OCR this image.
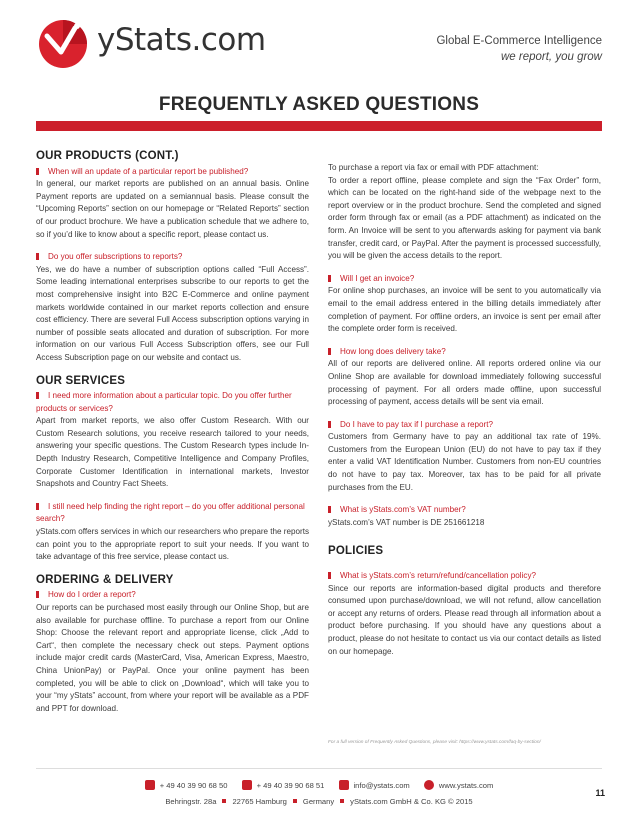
yStats.com	Global E-Commerce Intelligence
we report, you grow
FREQUENTLY ASKED QUESTIONS
OUR PRODUCTS (CONT.)

When will an update of a particular report be published?

In general, our market reports are published on an annual basis. Online Payment reports are updated on a semiannual basis. Please consult the “Upcoming Reports” section on our homepage or “Related Reports” section of our product brochure. We have a publication schedule that we adhere to, so if you’d like to know about a specific report, please contact us.

Do you offer subscriptions to reports?

Yes, we do have a number of subscription options called “Full Access”. Some leading international enterprises subscribe to our reports to get the most comprehensive insight into B2C E-Commerce and online payment markets worldwide contained in our market reports collection and ensure cost efficiency. There are several Full Access subscription options varying in number of possible seats allocated and duration of subscription. For more information on our various Full Access Subscription offers, see our Full Access Subscription page on our website and contact us.

OUR SERVICES

I need more information about a particular topic. Do you offer further products or services?

Apart from market reports, we also offer Custom Research. With our Custom Research solutions, you receive research tailored to your needs, answering your specific questions. The Custom Research types include In-Depth Industry Research, Competitive Intelligence and Company Profiles, Corporate Customer Identification in international markets, Investor Snapshots and Country Fact Sheets.

I still need help finding the right report – do you offer additional personal search?

yStats.com offers services in which our researchers who prepare the reports can point you to the appropriate report to suit your needs. If you want to take advantage of this free service, please contact us.

ORDERING & DELIVERY

How do I order a report?

Our reports can be purchased most easily through our Online Shop, but are also available for purchase offline. To purchase a report from our Online Shop: Choose the relevant report and appropriate license, click „Add to Cart“, then complete the necessary check out steps. Payment options include major credit cards (MasterCard, Visa, American Express, Maestro, China UnionPay) or PayPal. Once your online payment has been completed, you will be able to click on „Download“, which will take you to your “my yStats” account, from where your report will be available as a PDF and PPT for download.

To purchase a report via fax or email with PDF attachment:

To order a report offline, please complete and sign the “Fax Order” form, which can be located on the right-hand side of the webpage next to the report overview or in the product brochure. Send the completed and signed order form through fax or email (as a PDF attachment) as indicated on the form. An Invoice will be sent to you afterwards asking for payment via bank transfer, credit card, or PayPal. After the payment is processed successfully, you will be given the access details to the report.

Will I get an invoice?

For online shop purchases, an invoice will be sent to you automatically via email to the email address entered in the billing details immediately after completion of payment. For offline orders, an invoice is sent per email after the complete order form is received.

How long does delivery take?

All of our reports are delivered online. All reports ordered online via our Online Shop are available for download immediately following successful processing of payment. For all orders made offline, upon successful processing of payment, access details will be sent via email.

Do I have to pay tax if I purchase a report?

Customers from Germany have to pay an additional tax rate of 19%. Customers from the European Union (EU) do not have to pay tax if they enter a valid VAT Identification Number. Customers from non-EU countries do not have to pay tax. Moreover, tax has to be paid for all private purchases from the EU.

What is yStats.com’s VAT number?

yStats.com’s VAT number is DE 251661218

POLICIES

What is yStats.com’s return/refund/cancellation policy?

Since our reports are information-based digital products and therefore consumed upon purchase/download, we will not refund, allow cancellation or accept any returns of orders. Please read through all information about a product before purchasing. If you should have any questions about a product, please do not hesitate to contact us via our contact details as listed on our homepage.

For a full version of Frequently Asked Questions, please visit: https://www.ystats.com/faq-by-section/
+ 49 40 39 90 68 50	+ 49 40 39 90 68 51	info@ystats.com	www.ystats.com
Behringstr. 28a 22765 Hamburg Germany yStats.com GmbH & Co. KG © 2015
11
